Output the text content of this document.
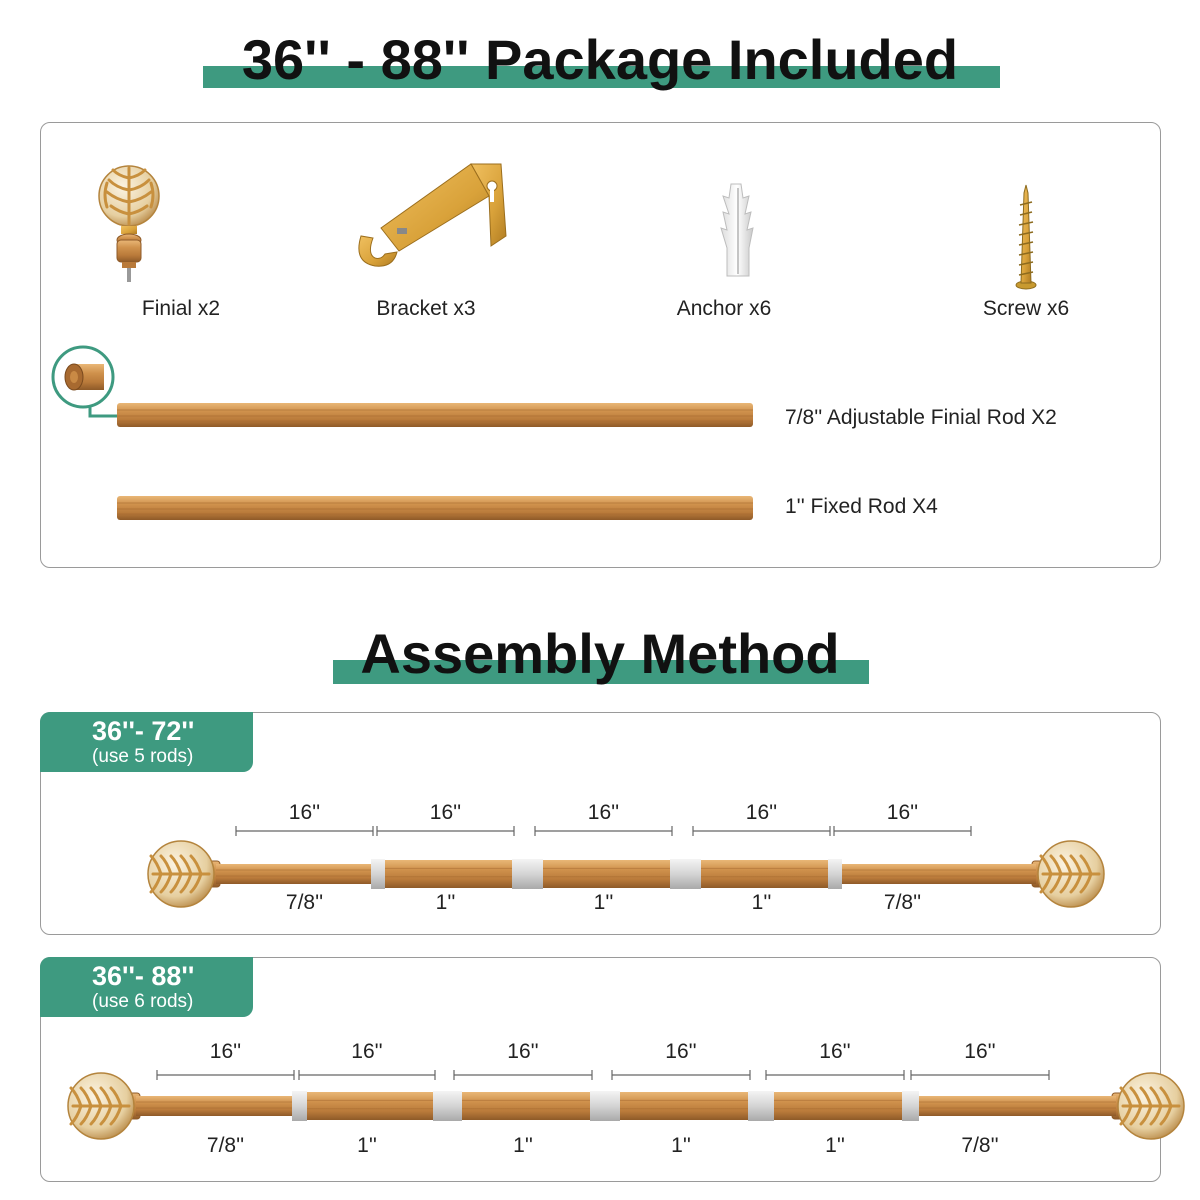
36'' - 88'' Package Included
Finial x2	Bracket x3	Anchor x6	Screw x6
7/8'' Adjustable Finial Rod X2
1'' Fixed Rod X4
Assembly Method
36''- 72''
(use 5 rods)
16''
7/8''
16''
1''
16''
1''
16''
1''
16''
7/8''
36''- 88''
(use 6 rods)
16''
7/8''
16''
1''
16''
1''
16''
1''
16''
1''
16''
7/8''
